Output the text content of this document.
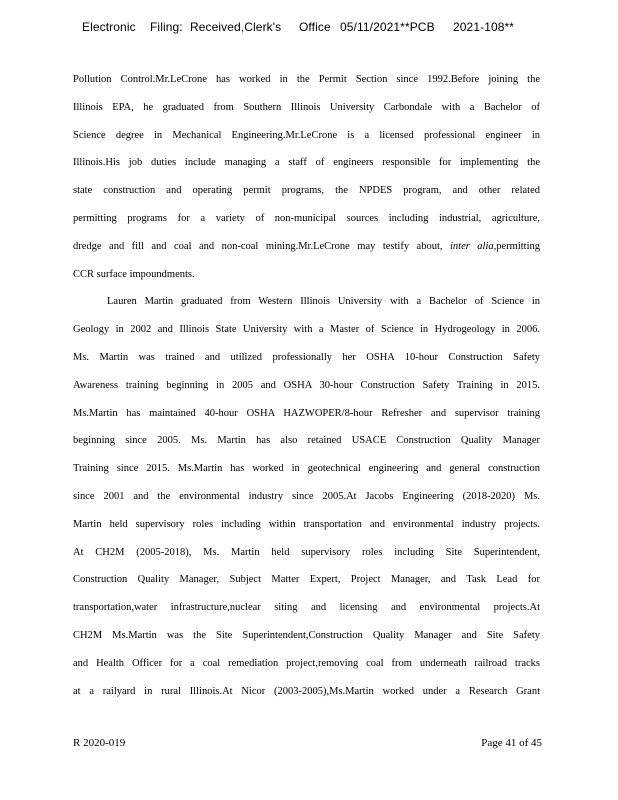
Electronic Filing: Received,Clerk's Office 05/11/2021**PCB 2021-108**
Pollution Control.Mr.LeCrone has worked in the Permit Section since 1992.Before joining the
Illinois EPA, he graduated from Southern Illinois University Carbondale with a Bachelor of
Science degree in Mechanical Engineering.Mr.LeCrone is a licensed professional engineer in
Illinois.His job duties include managing a staff of engineers responsible for implementing the
state construction and operating permit programs, the NPDES program, and other related
permitting programs for a variety of non-municipal sources including industrial, agriculture,
dredge and fill and coal and non-coal mining.Mr.LeCrone may testify about, inter alia,permitting
CCR surface impoundments.
Lauren Martin graduated from Western Illinois University with a Bachelor of Science in
Geology in 2002 and Illinois State University with a Master of Science in Hydrogeology in 2006.
Ms. Martin was trained and utilized professionally her OSHA 10-hour Construction Safety
Awareness training beginning in 2005 and OSHA 30-hour Construction Safety Training in 2015.
Ms.Martin has maintained 40-hour OSHA HAZWOPER/8-hour Refresher and supervisor training
beginning since 2005. Ms. Martin has also retained USACE Construction Quality Manager
Training since 2015. Ms.Martin has worked in geotechnical engineering and general construction
since 2001 and the environmental industry since 2005.At Jacobs Engineering (2018-2020) Ms.
Martin held supervisory roles including within transportation and environmental industry projects.
At CH2M (2005-2018), Ms. Martin held supervisory roles including Site Superintendent,
Construction Quality Manager, Subject Matter Expert, Project Manager, and Task Lead for
transportation,water infrastructure,nuclear siting and licensing and environmental projects.At
CH2M Ms.Martin was the Site Superintendent,Construction Quality Manager and Site Safety
and Health Officer for a coal remediation project,removing coal from underneath railroad tracks
at a railyard in rural Illinois.At Nicor (2003-2005),Ms.Martin worked under a Research Grant
R 2020-019	Page 41 of 45
